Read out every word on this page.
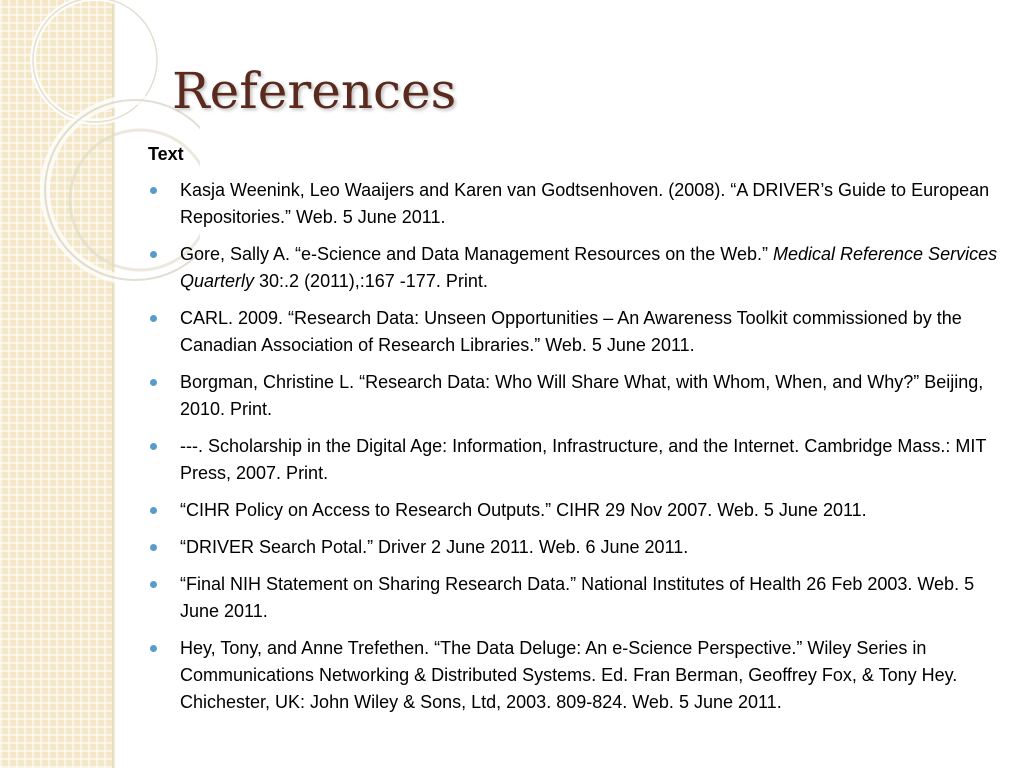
References
Text
Kasja Weenink, Leo Waaijers and Karen van Godtsenhoven. (2008). “A DRIVER’s Guide to European Repositories.” Web. 5 June 2011.
Gore, Sally A. “e-Science and Data Management Resources on the Web.” Medical Reference Services Quarterly 30:.2 (2011),:167 -177. Print.
CARL. 2009. “Research Data: Unseen Opportunities – An Awareness Toolkit commissioned by the Canadian Association of Research Libraries.” Web. 5 June 2011.
Borgman, Christine L. “Research Data: Who Will Share What, with Whom, When, and Why?” Beijing, 2010. Print.
---. Scholarship in the Digital Age: Information, Infrastructure, and the Internet. Cambridge Mass.: MIT Press, 2007. Print.
“CIHR Policy on Access to Research Outputs.” CIHR 29 Nov 2007. Web. 5 June 2011.
“DRIVER Search Potal.” Driver 2 June 2011. Web. 6 June 2011.
“Final NIH Statement on Sharing Research Data.” National Institutes of Health 26 Feb 2003. Web. 5 June 2011.
Hey, Tony, and Anne Trefethen. “The Data Deluge: An e-Science Perspective.” Wiley Series in Communications Networking & Distributed Systems. Ed. Fran Berman, Geoffrey Fox, & Tony Hey. Chichester, UK: John Wiley & Sons, Ltd, 2003. 809-824. Web. 5 June 2011.
